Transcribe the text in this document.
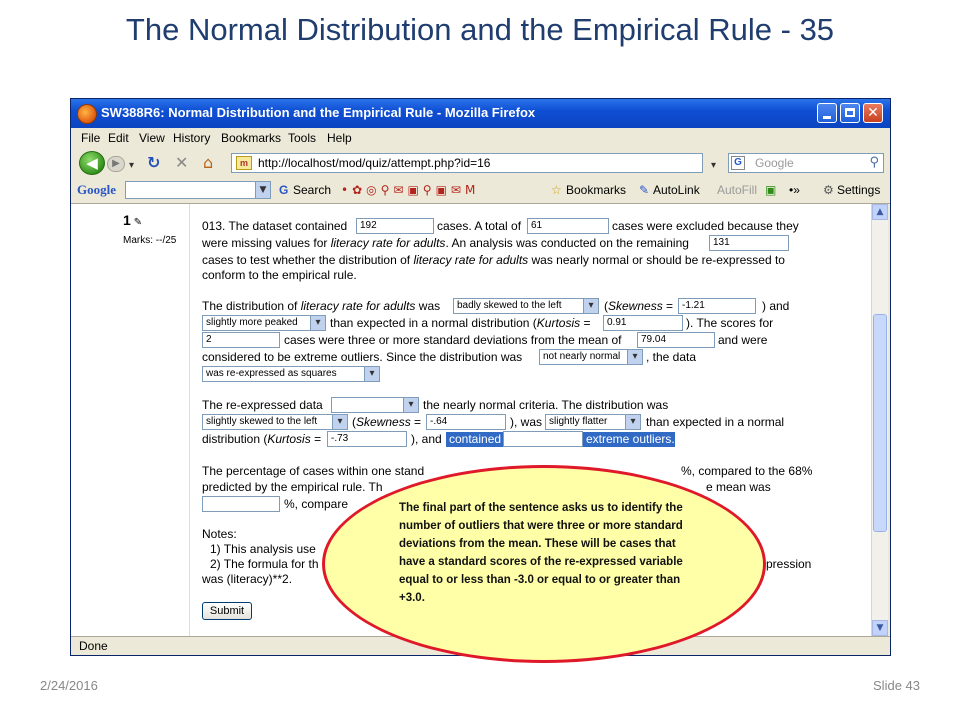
The Normal Distribution and the Empirical Rule - 35
SW388R6: Normal Distribution and the Empirical Rule - Mozilla Firefox	✕
File Edit View History Bookmarks Tools Help
◀	▶ ▾ ↻ ✕ ⌂	m http://localhost/mod/quiz/attempt.php?id=16	▾	G Google	⚲
Google	▼ G Search •✿◎⚲✉▣⚲▣✉M	☆ Bookmarks ✎ AutoLink AutoFill ▣ •» ⚙ Settings
1 ✎
Marks: --/25
013. The dataset contained	192	cases. A total of 61	cases were excluded because they
were missing values for literacy rate for adults. An analysis was conducted on the remaining	131
cases to test whether the distribution of literacy rate for adults was nearly normal or should be re-expressed to
conform to the empirical rule.
The distribution of literacy rate for adults was	badly skewed to the left ▾	(Skewness = -1.21	) and
slightly more peaked ▾	than expected in a normal distribution (Kurtosis =	0.91	). The scores for
2	cases were three or more standard deviations from the mean of	79.04	and were
considered to be extreme outliers. Since the distribution was	not nearly normal ▾	, the data
was re-expressed as squares ▾
The re-expressed data
▾	the nearly normal criteria. The distribution was
slightly skewed to the left ▾	(Skewness = -.64	), was slightly flatter ▾	than expected in a normal
distribution (Kurtosis = -.73	), and contained	extreme outliers.
The percentage of cases within one stand	%, compared to the 68%
predicted by the empirical rule. Th	e mean was
%, compare
Notes:
1) This analysis use
2) The formula for th	pression
was (literacy)**2.
Submit
▲
▼
Done
The final part of the sentence asks us to identify the number of outliers that were three or more standard deviations from the mean. These will be cases that have a standard scores of the re-expressed variable equal to or less than -3.0 or equal to or greater than +3.0.
2/24/2016	Slide 43
